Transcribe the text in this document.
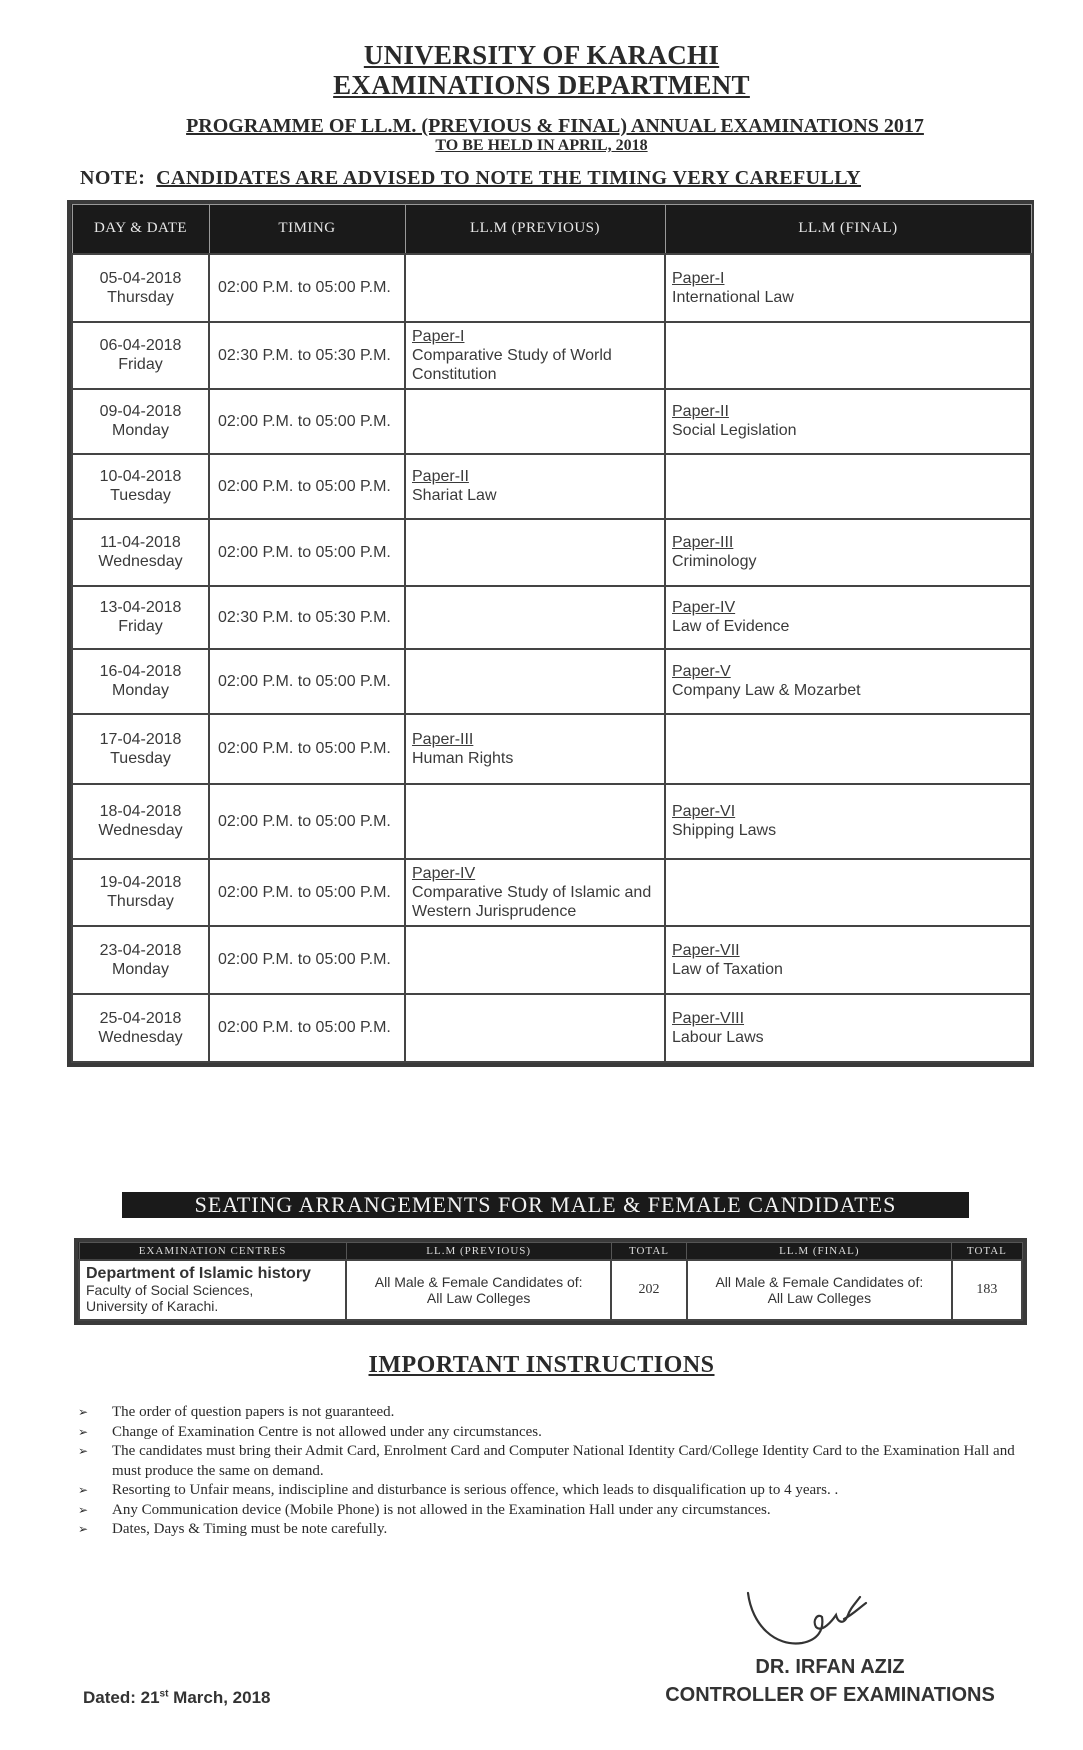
UNIVERSITY OF KARACHI
EXAMINATIONS DEPARTMENT
PROGRAMME OF LL.M. (PREVIOUS & FINAL) ANNUAL EXAMINATIONS 2017
TO BE HELD IN APRIL, 2018
NOTE: CANDIDATES ARE ADVISED TO NOTE THE TIMING VERY CAREFULLY
DAY & DATE	TIMING	LL.M (PREVIOUS)	LL.M (FINAL)

05-04-2018
Thursday	02:00 P.M. to 05:00 P.M.		Paper-I
International Law

06-04-2018
Friday	02:30 P.M. to 05:30 P.M.	Paper-I
Comparative Study of World Constitution	

09-04-2018
Monday	02:00 P.M. to 05:00 P.M.		Paper-II
Social Legislation

10-04-2018
Tuesday	02:00 P.M. to 05:00 P.M.	Paper-II
Shariat Law	

11-04-2018
Wednesday	02:00 P.M. to 05:00 P.M.		Paper-III
Criminology

13-04-2018
Friday	02:30 P.M. to 05:30 P.M.		Paper-IV
Law of Evidence

16-04-2018
Monday	02:00 P.M. to 05:00 P.M.		Paper-V
Company Law & Mozarbet

17-04-2018
Tuesday	02:00 P.M. to 05:00 P.M.	Paper-III
Human Rights	

18-04-2018
Wednesday	02:00 P.M. to 05:00 P.M.		Paper-VI
Shipping Laws

19-04-2018
Thursday	02:00 P.M. to 05:00 P.M.	Paper-IV
Comparative Study of Islamic and Western Jurisprudence	

23-04-2018
Monday	02:00 P.M. to 05:00 P.M.		Paper-VII
Law of Taxation

25-04-2018
Wednesday	02:00 P.M. to 05:00 P.M.		Paper-VIII
Labour Laws
SEATING ARRANGEMENTS FOR MALE & FEMALE CANDIDATES
EXAMINATION CENTRES	LL.M (PREVIOUS)	TOTAL	LL.M (FINAL)	TOTAL

Department of Islamic history
Faculty of Social Sciences,
University of Karachi.	All Male & Female Candidates of:
All Law Colleges	202	All Male & Female Candidates of:
All Law Colleges	183
IMPORTANT INSTRUCTIONS
➢ The order of question papers is not guaranteed.
➢ Change of Examination Centre is not allowed under any circumstances.
➢ The candidates must bring their Admit Card, Enrolment Card and Computer National Identity Card/College Identity Card to the Examination Hall and must produce the same on demand.
➢ Resorting to Unfair means, indiscipline and disturbance is serious offence, which leads to disqualification up to 4 years. .
➢ Any Communication device (Mobile Phone) is not allowed in the Examination Hall under any circumstances.
➢ Dates, Days & Timing must be note carefully.
DR. IRFAN AZIZ
CONTROLLER OF EXAMINATIONS
Dated: 21st March, 2018
